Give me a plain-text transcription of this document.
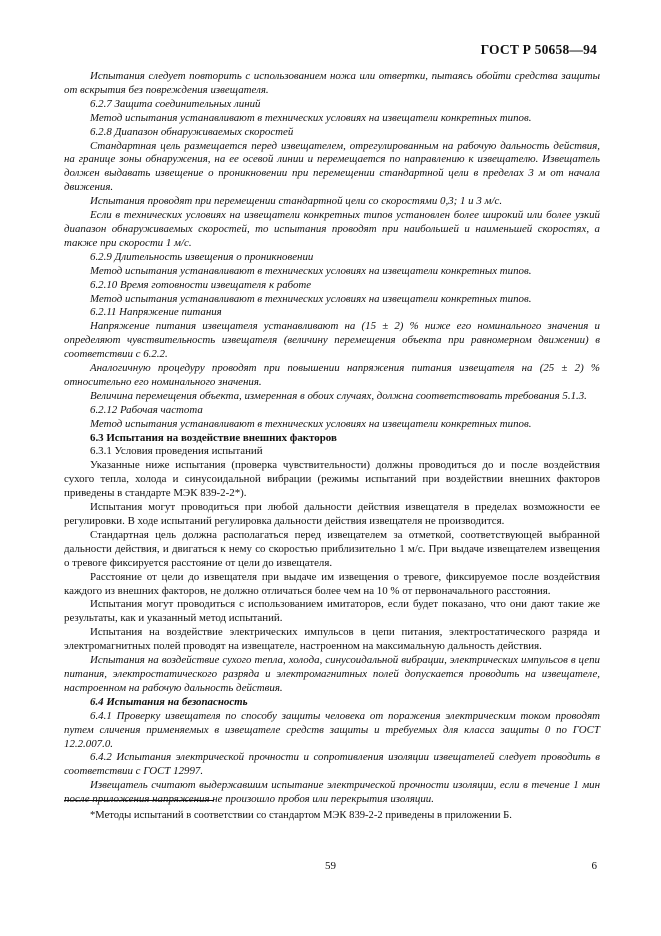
ГОСТ Р 50658—94

Испытания следует повторить с использованием ножа или отвертки, пытаясь обойти средства защиты от вскрытия без повреждения извещателя.

6.2.7 Защита соединительных линий

Метод испытания устанавливают в технических условиях на извещатели конкретных типов.

6.2.8 Диапазон обнаруживаемых скоростей

Стандартная цель размещается перед извещателем, отрегулированным на рабочую дальность действия, на границе зоны обнаружения, на ее осевой линии и перемещается по направлению к извещателю. Извещатель должен выдавать извещение о проникновении при перемещении стандартной цели в пределах 3 м от начала движения.

Испытания проводят при перемещении стандартной цели со скоростями 0,3; 1 и 3 м/с.

Если в технических условиях на извещатели конкретных типов установлен более широкий или более узкий диапазон обнаруживаемых скоростей, то испытания проводят при наибольшей и наименьшей скоростях, а также при скорости 1 м/с.

6.2.9 Длительность извещения о проникновении

Метод испытания устанавливают в технических условиях на извещатели конкретных типов.

6.2.10 Время готовности извещателя к работе

Метод испытания устанавливают в технических условиях на извещатели конкретных типов.

6.2.11 Напряжение питания

Напряжение питания извещателя устанавливают на (15 ± 2) % ниже его номинального значения и определяют чувствительность извещателя (величину перемещения объекта при равномерном движении) в соответствии с 6.2.2.

Аналогичную процедуру проводят при повышении напряжения питания извещателя на (25 ± 2) % относительно его номинального значения.

Величина перемещения объекта, измеренная в обоих случаях, должна соответствовать требования 5.1.3.

6.2.12 Рабочая частота

Метод испытания устанавливают в технических условиях на извещатели конкретных типов.

6.3 Испытания на воздействие внешних факторов

6.3.1 Условия проведения испытаний

Указанные ниже испытания (проверка чувствительности) должны проводиться до и после воздействия сухого тепла, холода и синусоидальной вибрации (режимы испытаний при воздействии внешних факторов приведены в стандарте МЭК 839-2-2*).

Испытания могут проводиться при любой дальности действия извещателя в пределах возможности ее регулировки. В ходе испытаний регулировка дальности действия извещателя не производится.

Стандартная цель должна располагаться перед извещателем за отметкой, соответствующей выбранной дальности действия, и двигаться к нему со скоростью приблизительно 1 м/с. При выдаче извещателем извещения о тревоге фиксируется расстояние от цели до извещателя.

Расстояние от цели до извещателя при выдаче им извещения о тревоге, фиксируемое после воздействия каждого из внешних факторов, не должно отличаться более чем на 10 % от первоначального расстояния.

Испытания могут проводиться с использованием имитаторов, если будет показано, что они дают такие же результаты, как и указанный метод испытаний.

Испытания на воздействие электрических импульсов в цепи питания, электростатического разряда и электромагнитных полей проводят на извещателе, настроенном на максимальную дальность действия.

Испытания на воздействие сухого тепла, холода, синусоидальной вибрации, электрических импульсов в цепи питания, электростатического разряда и электромагнитных полей допускается проводить на извещателе, настроенном на рабочую дальность действия.

6.4 Испытания на безопасность

6.4.1 Проверку извещателя по способу защиты человека от поражения электрическим током проводят путем сличения применяемых в извещателе средств защиты и требуемых для класса защиты 0 по ГОСТ 12.2.007.0.

6.4.2 Испытания электрической прочности и сопротивления изоляции извещателей следует проводить в соответствии с ГОСТ 12997.

Извещатель считают выдержавшим испытание электрической прочности изоляции, если в течение 1 мин после приложения напряжения не произошло пробоя или перекрытия изоляции.

*Методы испытаний в соответствии со стандартом МЭК 839-2-2 приведены в приложении Б.
59	6
